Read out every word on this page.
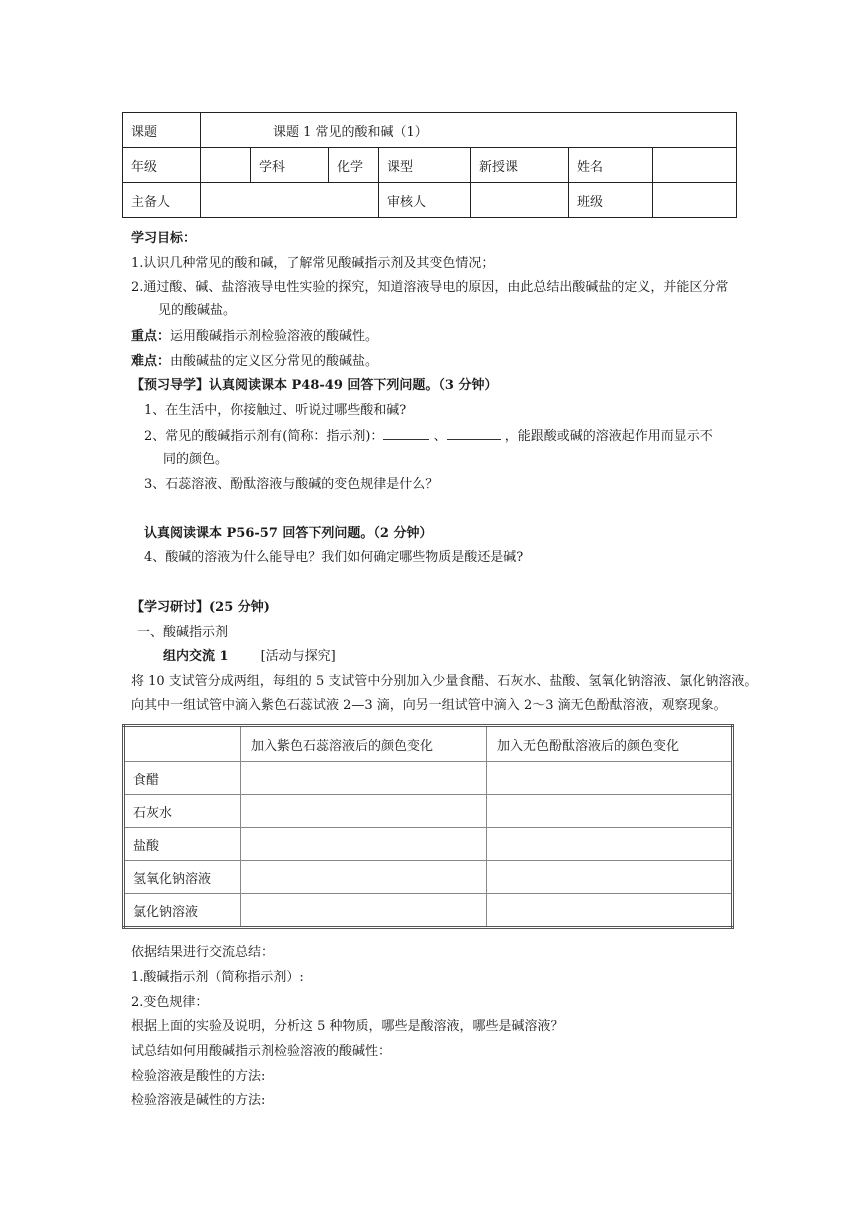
课题	课题 1 常见的酸和碱（1）						
年级		学科	化学	课型	新授课	姓名	
主备人				审核人		班级	
学习目标：
1.认识几种常见的酸和碱，了解常见酸碱指示剂及其变色情况；
2.通过酸、碱、盐溶液导电性实验的探究，知道溶液导电的原因，由此总结出酸碱盐的定义，并能区分常
见的酸碱盐。
重点：运用酸碱指示剂检验溶液的酸碱性。
难点：由酸碱盐的定义区分常见的酸碱盐。
【预习导学】认真阅读课本 P48-49 回答下列问题。（3 分钟）
1、在生活中，你接触过、听说过哪些酸和碱?
2、常见的酸碱指示剂有(简称：指示剂)：	、	，能跟酸或碱的溶液起作用而显示不
同的颜色。
3、石蕊溶液、酚酞溶液与酸碱的变色规律是什么？
认真阅读课本 P56-57 回答下列问题。（2 分钟）
4、酸碱的溶液为什么能导电？我们如何确定哪些物质是酸还是碱?
【学习研讨】(25 分钟)
一、酸碱指示剂
组内交流 1 [活动与探究]
将 10 支试管分成两组，每组的 5 支试管中分别加入少量食醋、石灰水、盐酸、氢氧化钠溶液、氯化钠溶液。
向其中一组试管中滴入紫色石蕊试液 2—3 滴，向另一组试管中滴入 2～3 滴无色酚酞溶液，观察现象。
	加入紫色石蕊溶液后的颜色变化	加入无色酚酞溶液后的颜色变化
食醋		
石灰水		
盐酸		
氢氧化钠溶液		
氯化钠溶液		
依据结果进行交流总结：
1.酸碱指示剂（简称指示剂）:
2.变色规律：
根据上面的实验及说明，分析这 5 种物质，哪些是酸溶液，哪些是碱溶液？
试总结如何用酸碱指示剂检验溶液的酸碱性：
检验溶液是酸性的方法:
检验溶液是碱性的方法:
